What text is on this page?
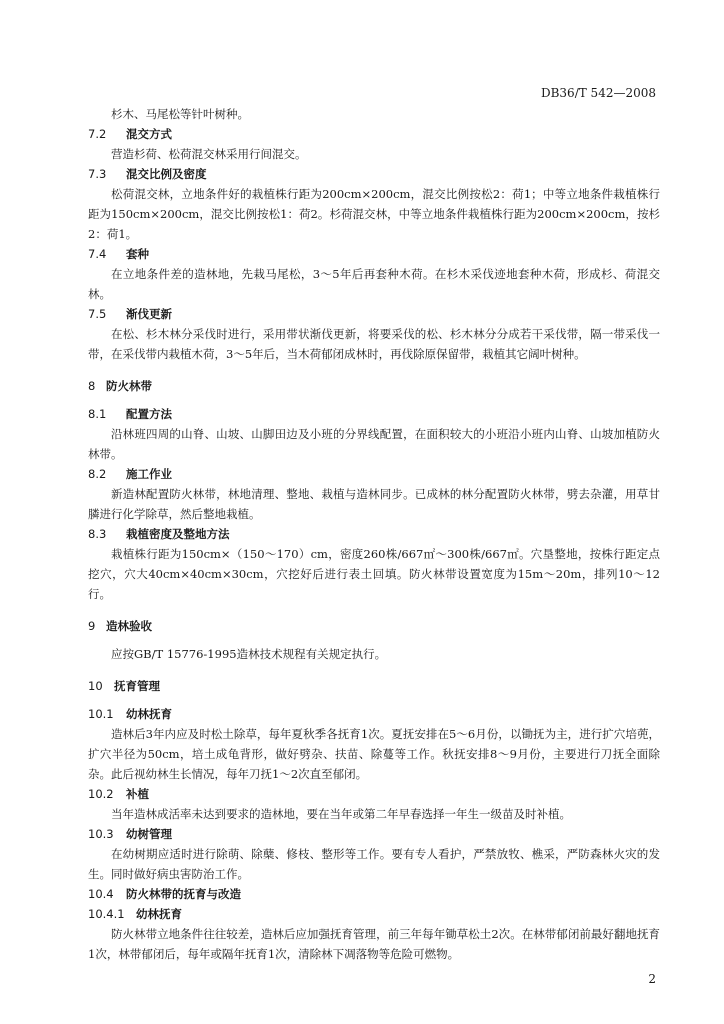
DB36/T 542—2008

杉木、马尾松等针叶树种。

7.2 混交方式

营造杉荷、松荷混交林采用行间混交。

7.3 混交比例及密度

松荷混交林，立地条件好的栽植株行距为200cm×200cm，混交比例按松2：荷1；中等立地条件栽植株行距为150cm×200cm，混交比例按松1：荷2。杉荷混交林，中等立地条件栽植株行距为200cm×200cm，按杉2：荷1。

7.4 套种

在立地条件差的造林地，先栽马尾松，3～5年后再套种木荷。在杉木采伐迹地套种木荷，形成杉、荷混交林。

7.5 渐伐更新

在松、杉木林分采伐时进行，采用带状渐伐更新，将要采伐的松、杉木林分分成若干采伐带，隔一带采伐一带，在采伐带内栽植木荷，3～5年后，当木荷郁闭成林时，再伐除原保留带，栽植其它阔叶树种。

8 防火林带
8.1 配置方法

沿林班四周的山脊、山坡、山脚田边及小班的分界线配置，在面积较大的小班沿小班内山脊、山坡加植防火林带。

8.2 施工作业

新造林配置防火林带，林地清理、整地、栽植与造林同步。已成林的林分配置防火林带，劈去杂灌，用草甘膦进行化学除草，然后整地栽植。

8.3 栽植密度及整地方法

栽植株行距为150cm×（150～170）cm，密度260株/667㎡～300株/667㎡。穴垦整地，按株行距定点挖穴，穴大40cm×40cm×30cm，穴挖好后进行表土回填。防火林带设置宽度为15m～20m，排列10～12行。

9 造林验收

应按GB/T 15776-1995造林技术规程有关规定执行。

10 抚育管理
10.1 幼林抚育

造林后3年内应及时松土除草，每年夏秋季各抚育1次。夏抚安排在5～6月份，以锄抚为主，进行扩穴培蔸，扩穴半径为50cm，培土成龟背形，做好劈杂、扶苗、除蔓等工作。秋抚安排8～9月份，主要进行刀抚全面除杂。此后视幼林生长情况，每年刀抚1～2次直至郁闭。

10.2 补植

当年造林成活率未达到要求的造林地，要在当年或第二年早春选择一年生一级苗及时补植。

10.3 幼树管理

在幼树期应适时进行除萌、除蘖、修枝、整形等工作。要有专人看护，严禁放牧、樵采，严防森林火灾的发生。同时做好病虫害防治工作。

10.4 防火林带的抚育与改造
10.4.1 幼林抚育

防火林带立地条件往往较差，造林后应加强抚育管理，前三年每年锄草松土2次。在林带郁闭前最好翻地抚育1次，林带郁闭后，每年或隔年抚育1次，清除林下凋落物等危险可燃物。

2
